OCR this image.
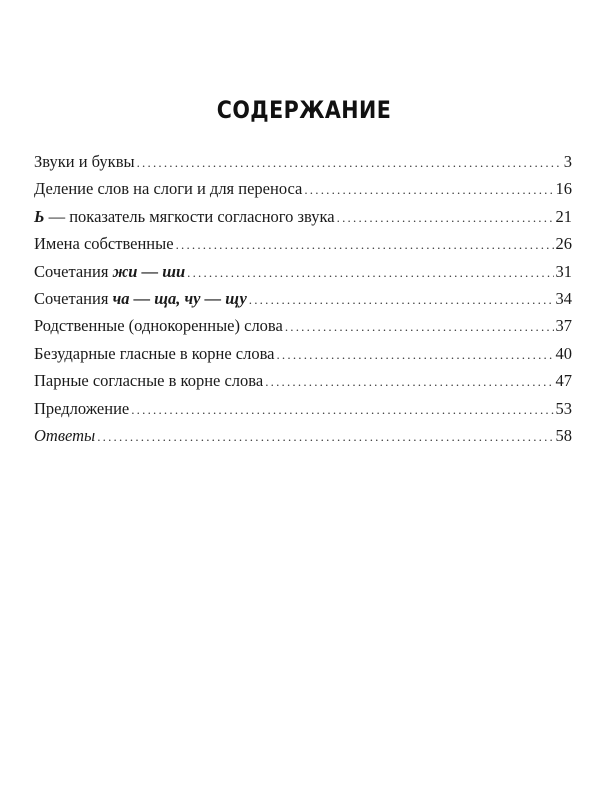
СОДЕРЖАНИЕ
Звуки и буквы .....	3
Деление слов на слоги и для переноса .....	16
Ь — показатель мягкости согласного звука .....	21
Имена собственные .....	26
Сочетания жи — ши .....	31
Сочетания ча — ща, чу — щу .....	34
Родственные (однокоренные) слова .....	37
Безударные гласные в корне слова .....	40
Парные согласные в корне слова .....	47
Предложение .....	53
Ответы .....	58
